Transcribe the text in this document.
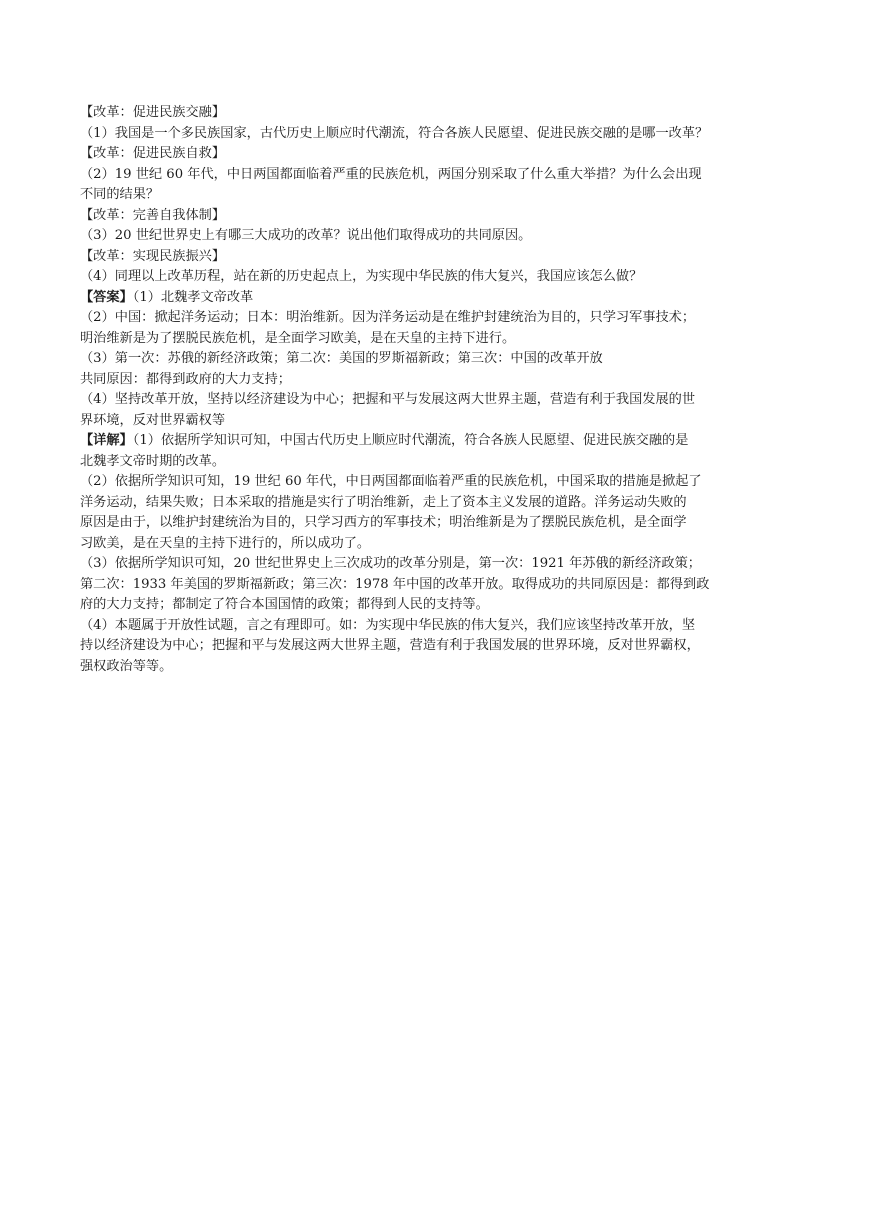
【改革：促进民族交融】
（1）我国是一个多民族国家，古代历史上顺应时代潮流，符合各族人民愿望、促进民族交融的是哪一改革？
【改革：促进民族自救】
（2）19 世纪 60 年代，中日两国都面临着严重的民族危机，两国分别采取了什么重大举措？为什么会出现
不同的结果？
【改革：完善自我体制】
（3）20 世纪世界史上有哪三大成功的改革？说出他们取得成功的共同原因。
【改革：实现民族振兴】
（4）同理以上改革历程，站在新的历史起点上，为实现中华民族的伟大复兴，我国应该怎么做？
【答案】（1）北魏孝文帝改革
（2）中国：掀起洋务运动；日本：明治维新。因为洋务运动是在维护封建统治为目的，只学习军事技术；
明治维新是为了摆脱民族危机，是全面学习欧美，是在天皇的主持下进行。
（3）第一次：苏俄的新经济政策；第二次：美国的罗斯福新政；第三次：中国的改革开放
共同原因：都得到政府的大力支持；
（4）坚持改革开放，坚持以经济建设为中心；把握和平与发展这两大世界主题，营造有利于我国发展的世
界环境，反对世界霸权等
【详解】（1）依据所学知识可知，中国古代历史上顺应时代潮流，符合各族人民愿望、促进民族交融的是
北魏孝文帝时期的改革。
（2）依据所学知识可知，19 世纪 60 年代，中日两国都面临着严重的民族危机，中国采取的措施是掀起了
洋务运动，结果失败；日本采取的措施是实行了明治维新，走上了资本主义发展的道路。洋务运动失败的
原因是由于，以维护封建统治为目的，只学习西方的军事技术；明治维新是为了摆脱民族危机，是全面学
习欧美，是在天皇的主持下进行的，所以成功了。
（3）依据所学知识可知，20 世纪世界史上三次成功的改革分别是，第一次：1921 年苏俄的新经济政策；
第二次：1933 年美国的罗斯福新政；第三次：1978 年中国的改革开放。取得成功的共同原因是：都得到政
府的大力支持；都制定了符合本国国情的政策；都得到人民的支持等。
（4）本题属于开放性试题，言之有理即可。如：为实现中华民族的伟大复兴，我们应该坚持改革开放，坚
持以经济建设为中心；把握和平与发展这两大世界主题，营造有利于我国发展的世界环境，反对世界霸权，
强权政治等等。
